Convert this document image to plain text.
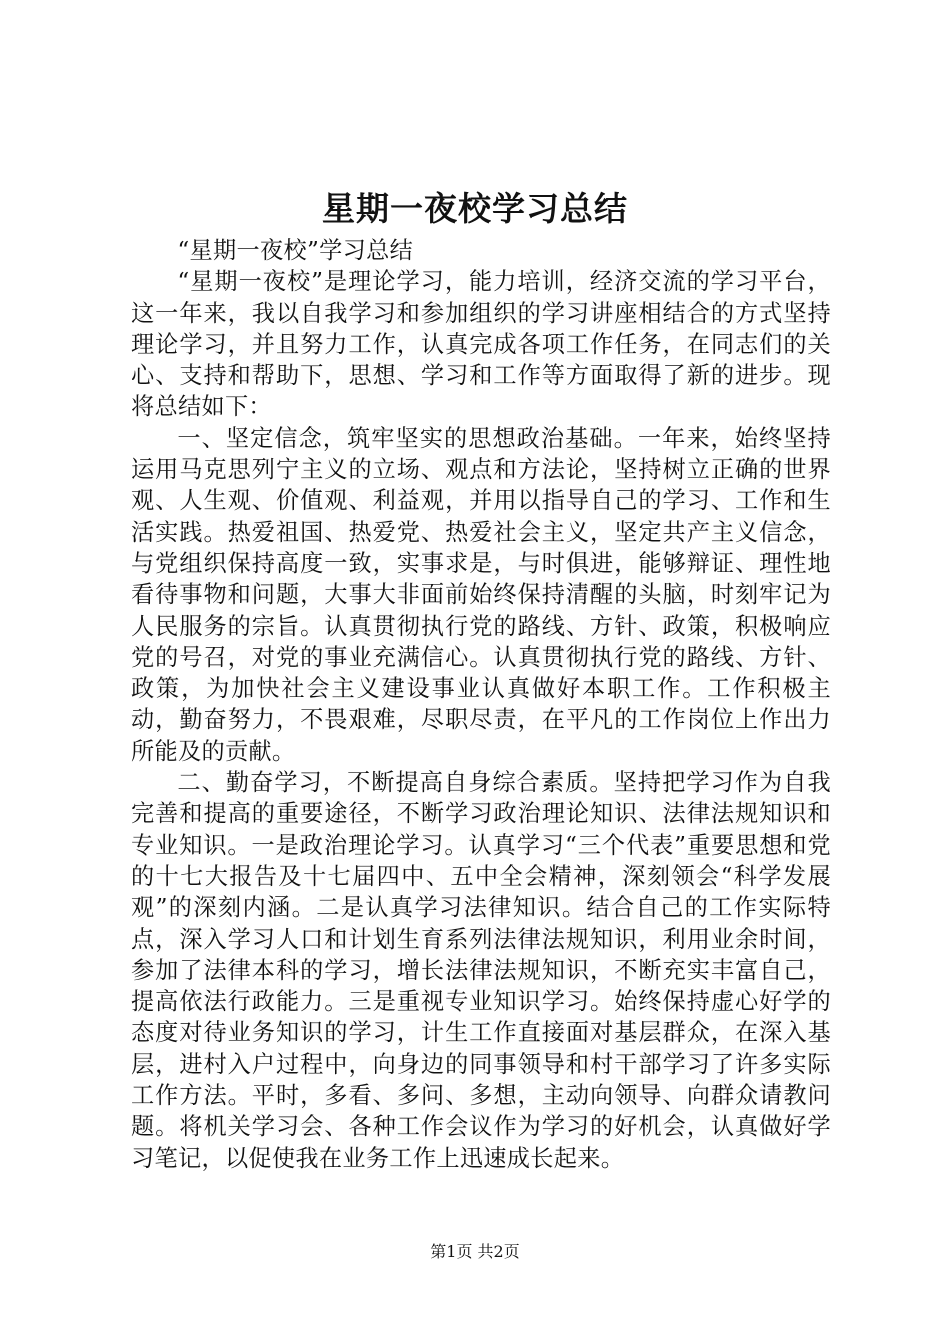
星期一夜校学习总结

“星期一夜校”学习总结

“星期一夜校”是理论学习，能力培训，经济交流的学习平台，这一年来，我以自我学习和参加组织的学习讲座相结合的方式坚持理论学习，并且努力工作，认真完成各项工作任务，在同志们的关心、支持和帮助下，思想、学习和工作等方面取得了新的进步。现将总结如下：

一、坚定信念，筑牢坚实的思想政治基础。一年来，始终坚持运用马克思列宁主义的立场、观点和方法论，坚持树立正确的世界观、人生观、价值观、利益观，并用以指导自己的学习、工作和生活实践。热爱祖国、热爱党、热爱社会主义，坚定共产主义信念，与党组织保持高度一致，实事求是，与时俱进，能够辩证、理性地看待事物和问题，大事大非面前始终保持清醒的头脑，时刻牢记为人民服务的宗旨。认真贯彻执行党的路线、方针、政策，积极响应党的号召，对党的事业充满信心。认真贯彻执行党的路线、方针、政策，为加快社会主义建设事业认真做好本职工作。工作积极主动，勤奋努力，不畏艰难，尽职尽责，在平凡的工作岗位上作出力所能及的贡献。

二、勤奋学习，不断提高自身综合素质。坚持把学习作为自我完善和提高的重要途径，不断学习政治理论知识、法律法规知识和专业知识。一是政治理论学习。认真学习“三个代表”重要思想和党的十七大报告及十七届四中、五中全会精神，深刻领会“科学发展观”的深刻内涵。二是认真学习法律知识。结合自己的工作实际特点，深入学习人口和计划生育系列法律法规知识，利用业余时间，参加了法律本科的学习，增长法律法规知识，不断充实丰富自己，提高依法行政能力。三是重视专业知识学习。始终保持虚心好学的态度对待业务知识的学习，计生工作直接面对基层群众，在深入基层，进村入户过程中，向身边的同事领导和村干部学习了许多实际工作方法。平时，多看、多问、多想，主动向领导、向群众请教问题。将机关学习会、各种工作会议作为学习的好机会，认真做好学习笔记，以促使我在业务工作上迅速成长起来。

第1页 共2页
